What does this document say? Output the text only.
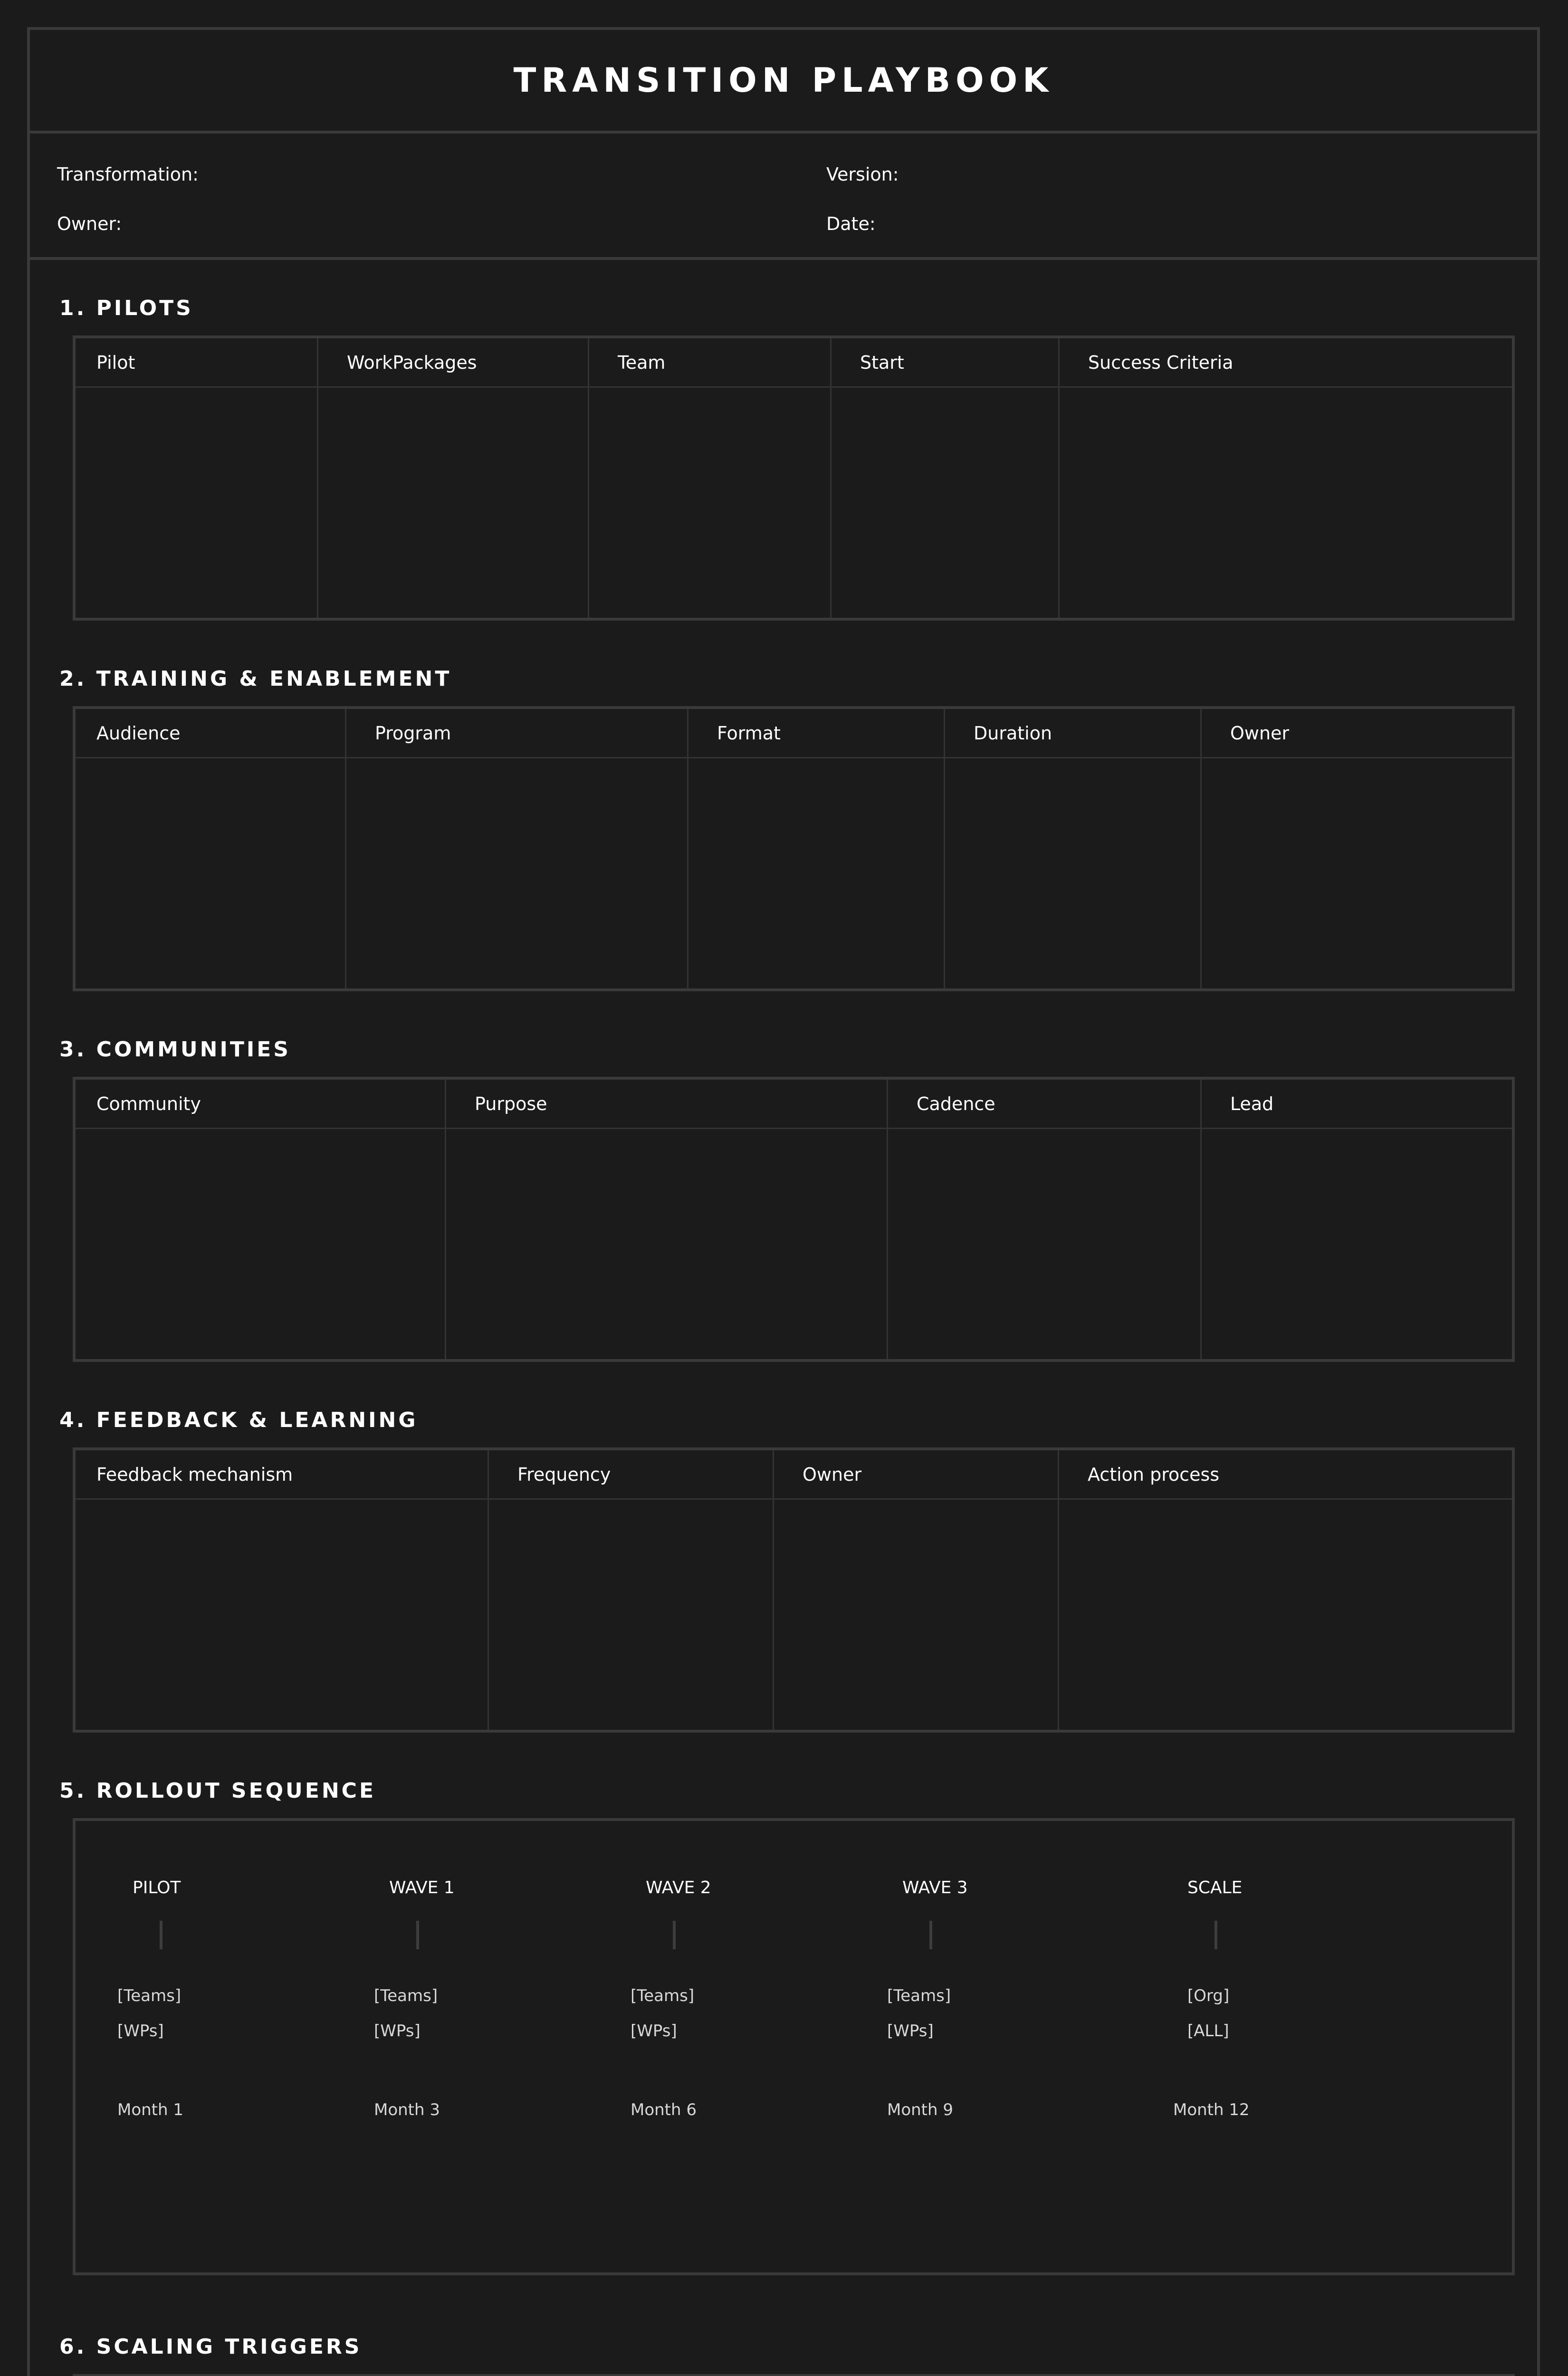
TRANSITION PLAYBOOK
Transformation:	Version:
Owner:	Date:
1. PILOTS
Pilot	WorkPackages	Team	Start	Success Criteria
2. TRAINING & ENABLEMENT
Audience	Program	Format	Duration	Owner
3. COMMUNITIES
Community	Purpose	Cadence	Lead
4. FEEDBACK & LEARNING
Feedback mechanism	Frequency	Owner	Action process
5. ROLLOUT SEQUENCE
PILOT
[Teams]
[WPs]
Month 1
WAVE 1
[Teams]
[WPs]
Month 3
WAVE 2
[Teams]
[WPs]
Month 6
WAVE 3
[Teams]
[WPs]
Month 9
SCALE
[Org]
[ALL]
Month 12
6. SCALING TRIGGERS
